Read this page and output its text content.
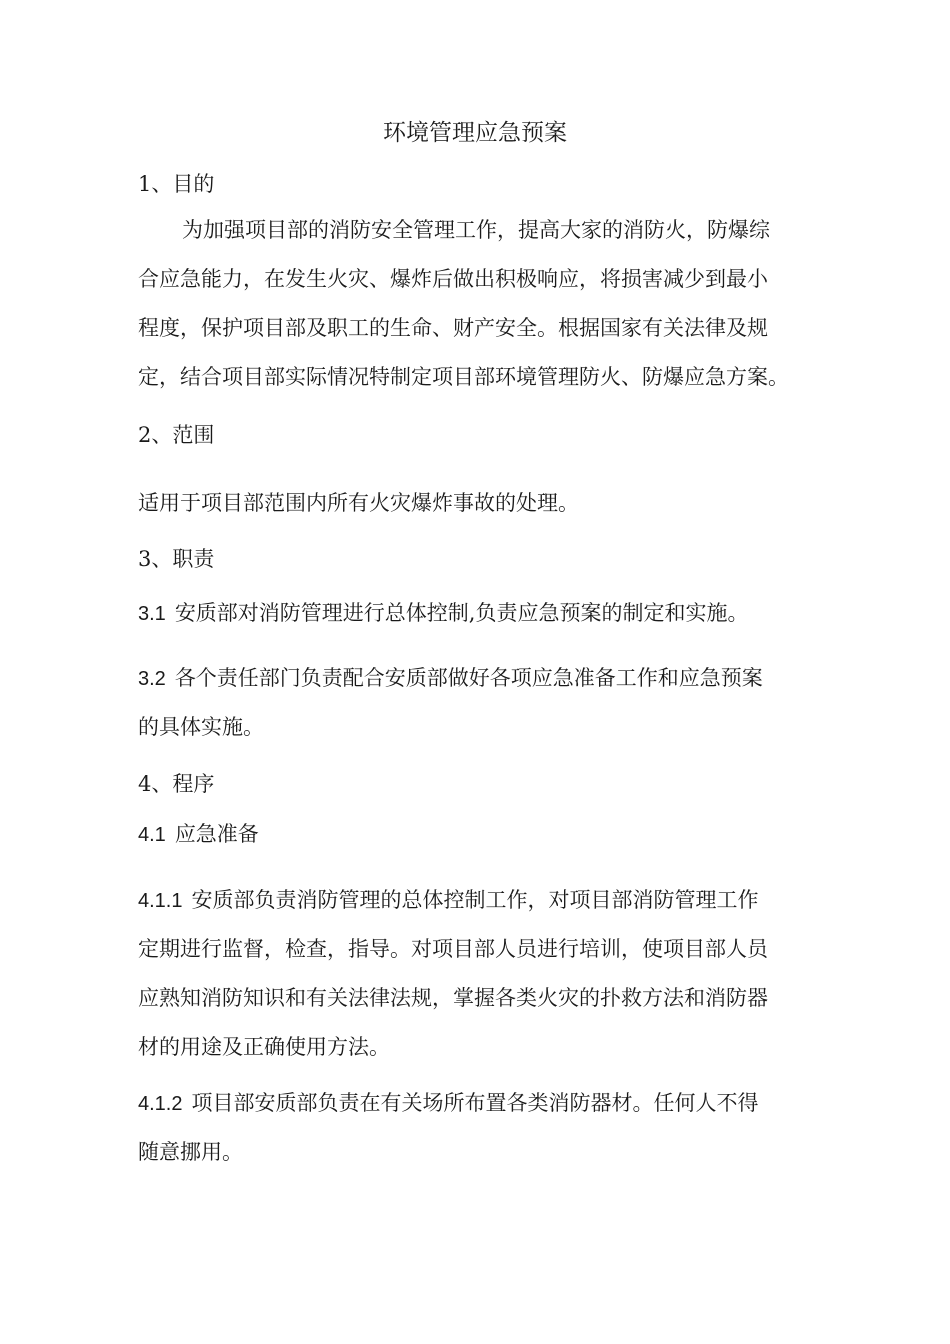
环境管理应急预案
1、目的
为加强项目部的消防安全管理工作，提高大家的消防火，防爆综
合应急能力，在发生火灾、爆炸后做出积极响应，将损害减少到最小
程度，保护项目部及职工的生命、财产安全。根据国家有关法律及规
定，结合项目部实际情况特制定项目部环境管理防火、防爆应急方案。
2、范围
适用于项目部范围内所有火灾爆炸事故的处理。
3、职责
3.1 安质部对消防管理进行总体控制,负责应急预案的制定和实施。
3.2 各个责任部门负责配合安质部做好各项应急准备工作和应急预案
的具体实施。
4、程序
4.1 应急准备
4.1.1 安质部负责消防管理的总体控制工作，对项目部消防管理工作
定期进行监督，检查，指导。对项目部人员进行培训，使项目部人员
应熟知消防知识和有关法律法规，掌握各类火灾的扑救方法和消防器
材的用途及正确使用方法。
4.1.2 项目部安质部负责在有关场所布置各类消防器材。任何人不得
随意挪用。
